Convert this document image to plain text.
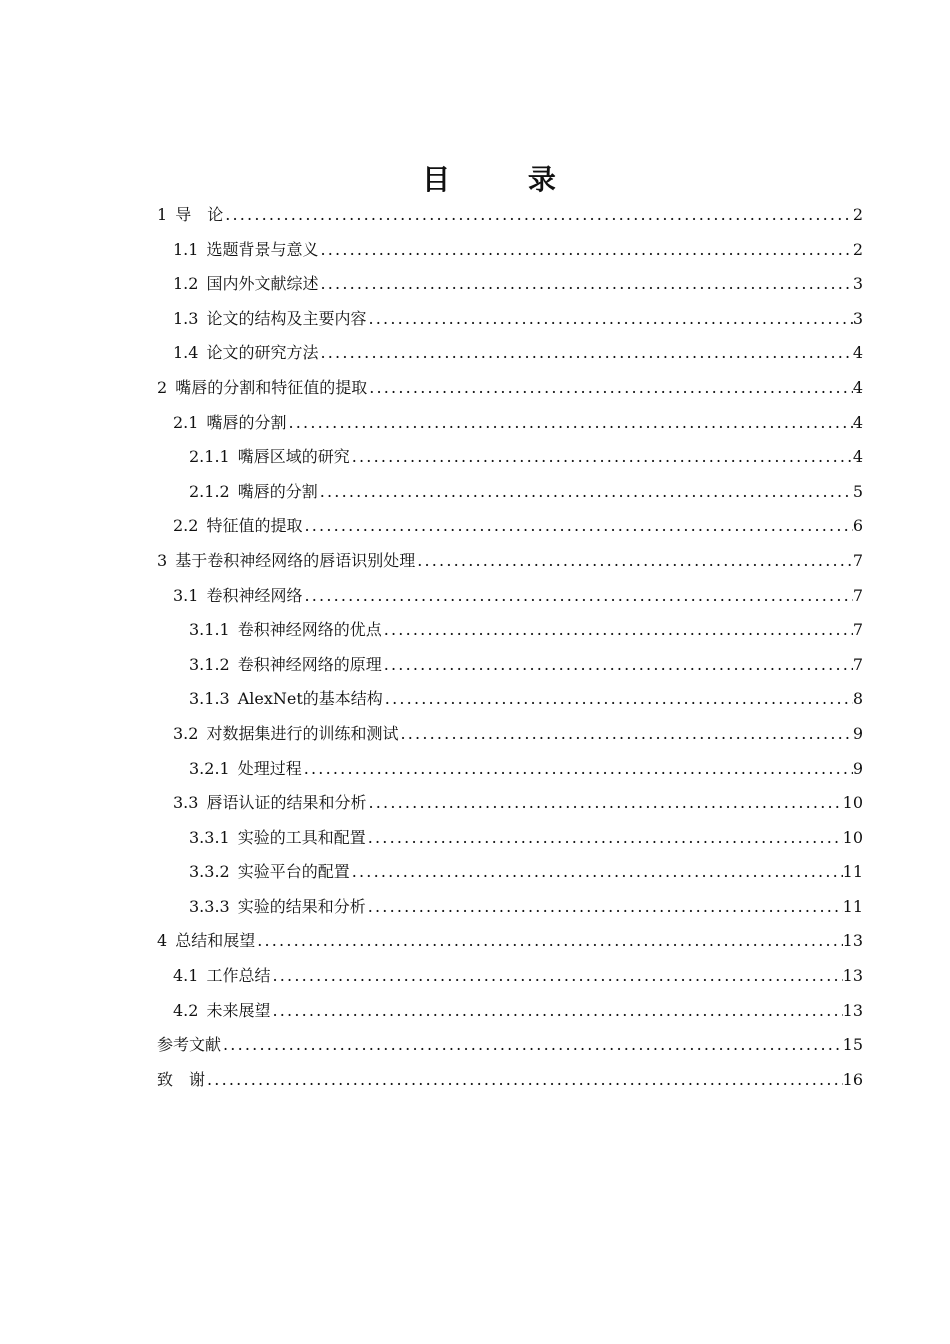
目 录
1 导　论 .....	2
1.1 选题背景与意义 .....	2
1.2 国内外文献综述 .....	3
1.3 论文的结构及主要内容 .....	3
1.4 论文的研究方法 .....	4
2 嘴唇的分割和特征值的提取 .....	4
2.1 嘴唇的分割 .....	4
2.1.1 嘴唇区域的研究 .....	4
2.1.2 嘴唇的分割 .....	5
2.2 特征值的提取 .....	6
3 基于卷积神经网络的唇语识别处理 .....	7
3.1 卷积神经网络 .....	7
3.1.1 卷积神经网络的优点 .....	7
3.1.2 卷积神经网络的原理 .....	7
3.1.3 AlexNet的基本结构 .....	8
3.2 对数据集进行的训练和测试 .....	9
3.2.1 处理过程 .....	9
3.3 唇语认证的结果和分析 .....	10
3.3.1 实验的工具和配置 .....	10
3.3.2 实验平台的配置 .....	11
3.3.3 实验的结果和分析 .....	11
4 总结和展望 .....	13
4.1 工作总结 .....	13
4.2 未来展望 .....	13
参考文献 .....	15
致　谢 .....	16
